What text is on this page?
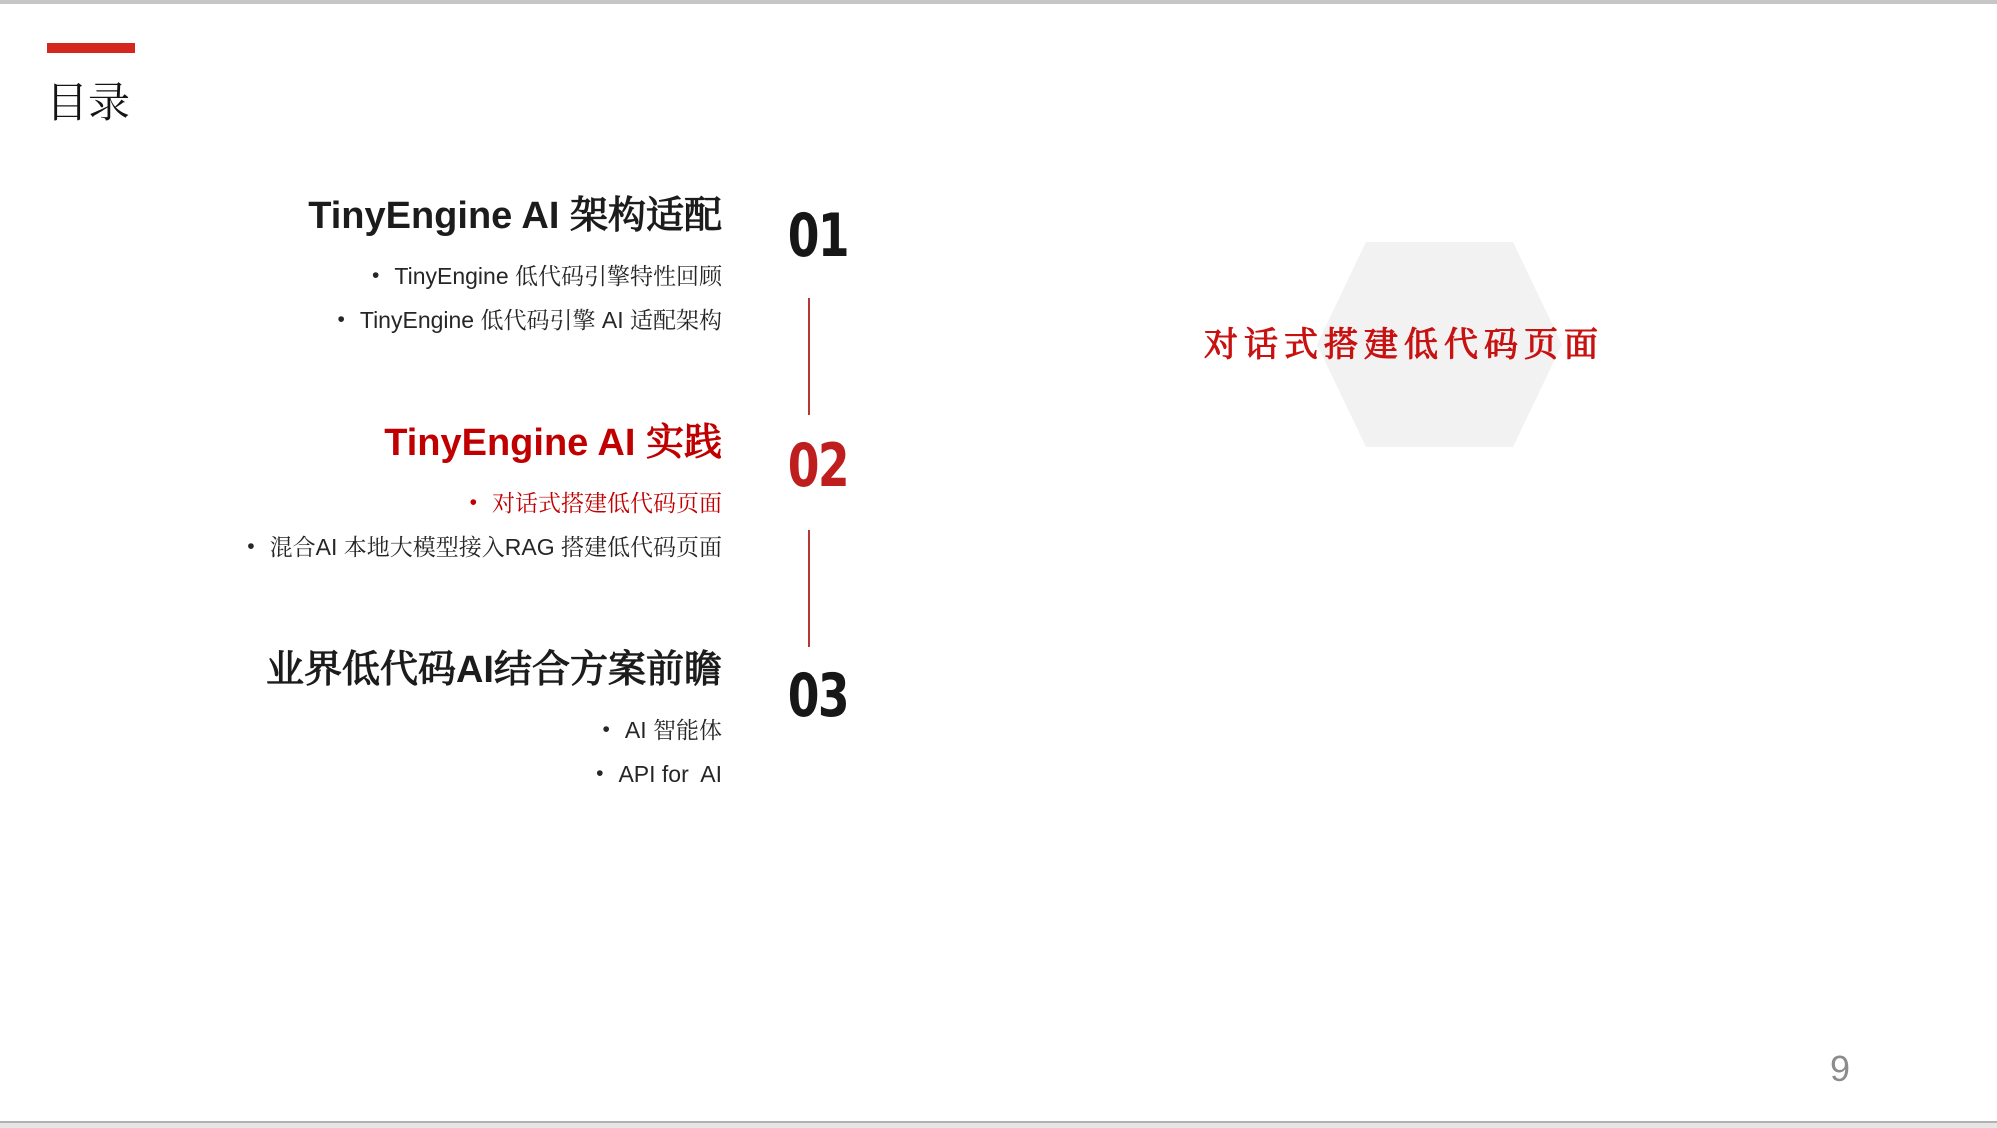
目录
TinyEngine AI 架构适配
• TinyEngine 低代码引擎特性回顾
• TinyEngine 低代码引擎 AI 适配架构
TinyEngine AI 实践
• 对话式搭建低代码页面
• 混合AI 本地大模型接入RAG 搭建低代码页面
业界低代码AI结合方案前瞻
• AI 智能体
• API for  AI
01
02
03
对话式搭建低代码页面
9
